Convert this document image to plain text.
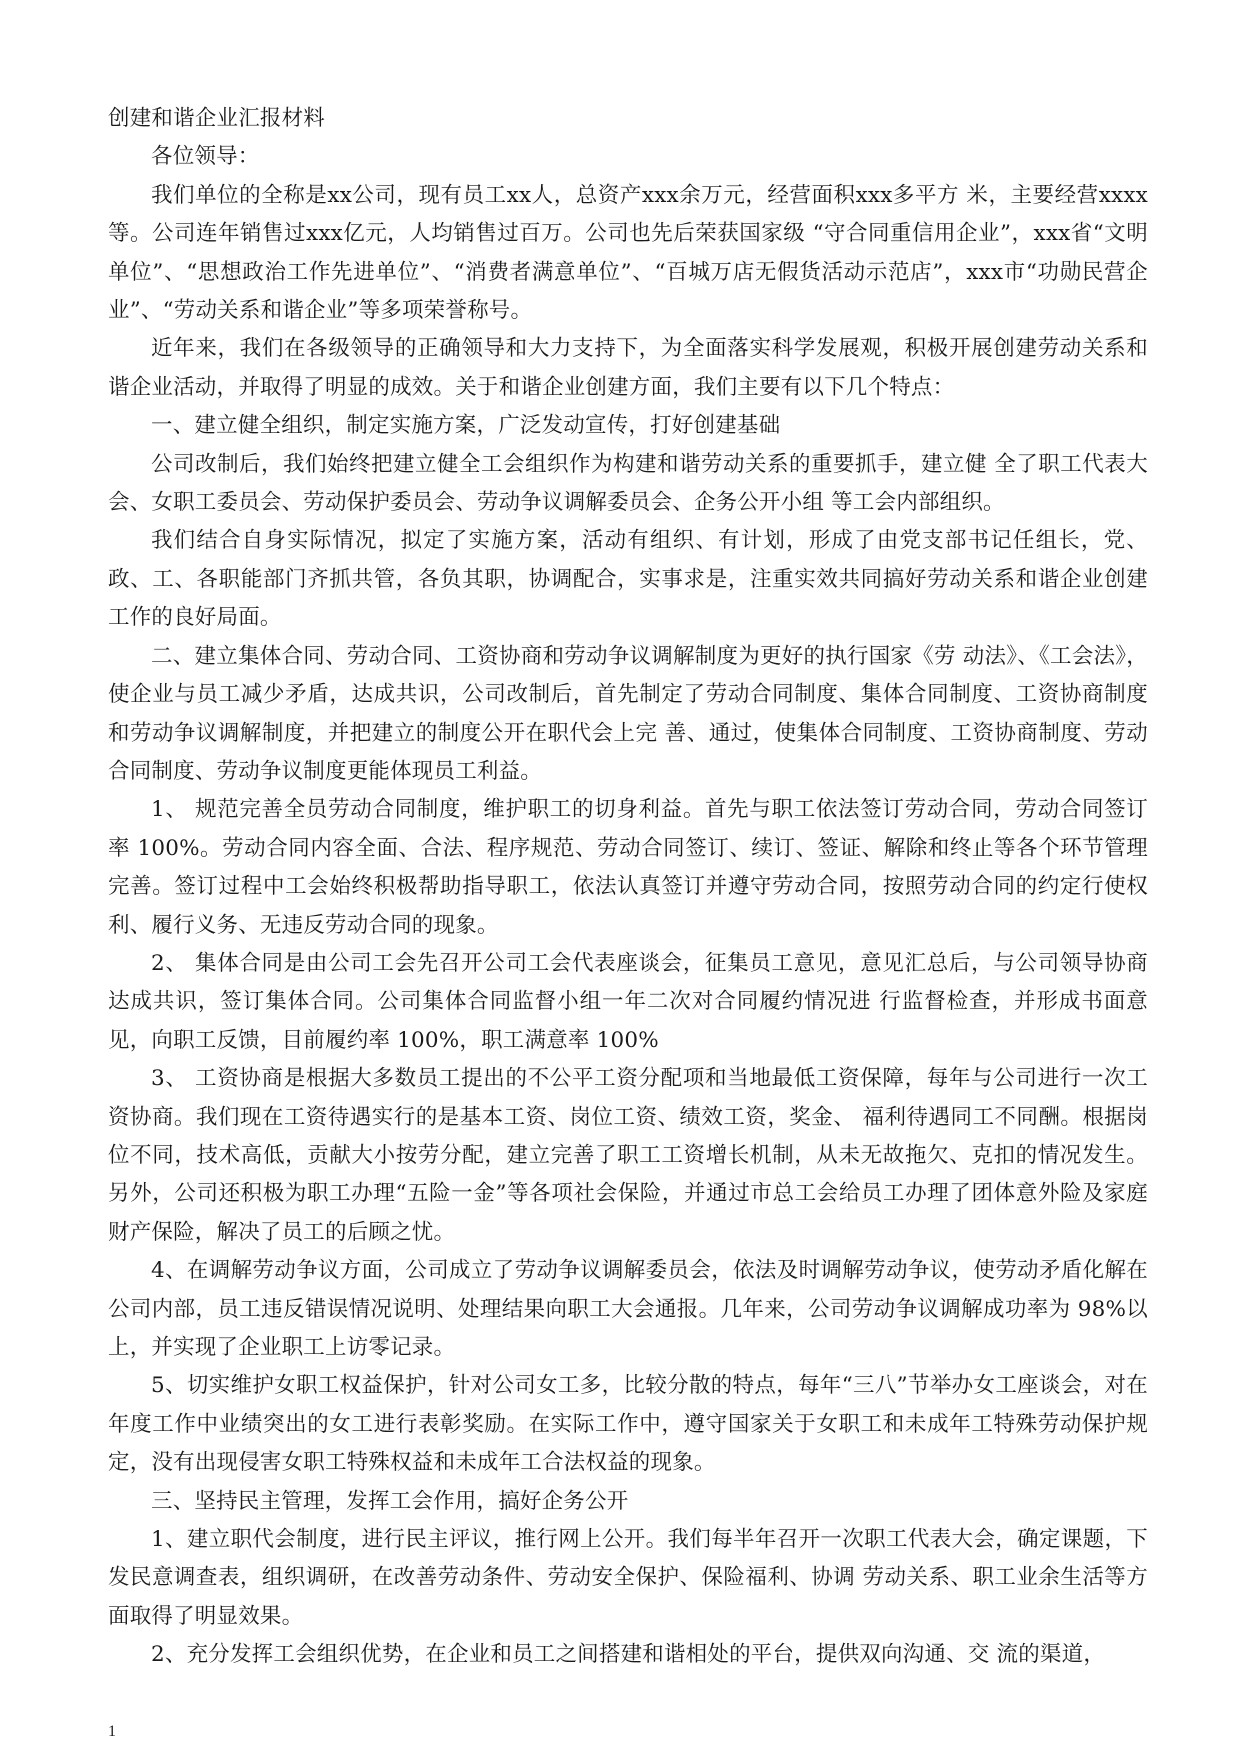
创建和谐企业汇报材料

各位领导：

我们单位的全称是xx公司，现有员工xx人，总资产xxx余万元，经营面积xxx多平方 米，主要经营xxxx等。公司连年销售过xxx亿元，人均销售过百万。公司也先后荣获国家级 “守合同重信用企业”，xxx省“文明单位”、“思想政治工作先进单位”、“消费者满意单位”、“百城万店无假货活动示范店”，xxx市“功勋民营企业”、“劳动关系和谐企业”等多项荣誉称号。

近年来，我们在各级领导的正确领导和大力支持下，为全面落实科学发展观，积极开展创建劳动关系和谐企业活动，并取得了明显的成效。关于和谐企业创建方面，我们主要有以下几个特点：

一、建立健全组织，制定实施方案，广泛发动宣传，打好创建基础

公司改制后，我们始终把建立健全工会组织作为构建和谐劳动关系的重要抓手，建立健 全了职工代表大会、女职工委员会、劳动保护委员会、劳动争议调解委员会、企务公开小组 等工会内部组织。

我们结合自身实际情况，拟定了实施方案，活动有组织、有计划，形成了由党支部书记任组长，党、政、工、各职能部门齐抓共管，各负其职，协调配合，实事求是，注重实效共同搞好劳动关系和谐企业创建工作的良好局面。

二、建立集体合同、劳动合同、工资协商和劳动争议调解制度为更好的执行国家《劳 动法》、《工会法》，使企业与员工减少矛盾，达成共识，公司改制后，首先制定了劳动合同制度、集体合同制度、工资协商制度和劳动争议调解制度，并把建立的制度公开在职代会上完 善、通过，使集体合同制度、工资协商制度、劳动合同制度、劳动争议制度更能体现员工利益。

1、 规范完善全员劳动合同制度，维护职工的切身利益。首先与职工依法签订劳动合同，劳动合同签订率 100%。劳动合同内容全面、合法、程序规范、劳动合同签订、续订、签证、解除和终止等各个环节管理完善。签订过程中工会始终积极帮助指导职工，依法认真签订并遵守劳动合同，按照劳动合同的约定行使权利、履行义务、无违反劳动合同的现象。

2、 集体合同是由公司工会先召开公司工会代表座谈会，征集员工意见，意见汇总后，与公司领导协商达成共识，签订集体合同。公司集体合同监督小组一年二次对合同履约情况进 行监督检查，并形成书面意见，向职工反馈，目前履约率 100%，职工满意率 100%

3、 工资协商是根据大多数员工提出的不公平工资分配项和当地最低工资保障，每年与公司进行一次工资协商。我们现在工资待遇实行的是基本工资、岗位工资、绩效工资，奖金、 福利待遇同工不同酬。根据岗位不同，技术高低，贡献大小按劳分配，建立完善了职工工资增长机制，从未无故拖欠、克扣的情况发生。另外，公司还积极为职工办理“五险一金”等各项社会保险，并通过市总工会给员工办理了团体意外险及家庭财产保险，解决了员工的后顾之忧。

4、在调解劳动争议方面，公司成立了劳动争议调解委员会，依法及时调解劳动争议，使劳动矛盾化解在公司内部，员工违反错误情况说明、处理结果向职工大会通报。几年来，公司劳动争议调解成功率为 98%以上，并实现了企业职工上访零记录。

5、切实维护女职工权益保护，针对公司女工多，比较分散的特点，每年“三八”节举办女工座谈会，对在年度工作中业绩突出的女工进行表彰奖励。在实际工作中，遵守国家关于女职工和未成年工特殊劳动保护规定，没有出现侵害女职工特殊权益和未成年工合法权益的现象。

三、坚持民主管理，发挥工会作用，搞好企务公开

1、建立职代会制度，进行民主评议，推行网上公开。我们每半年召开一次职工代表大会，确定课题，下发民意调查表，组织调研，在改善劳动条件、劳动安全保护、保险福利、协调 劳动关系、职工业余生活等方面取得了明显效果。

2、充分发挥工会组织优势，在企业和员工之间搭建和谐相处的平台，提供双向沟通、交 流的渠道，

1
